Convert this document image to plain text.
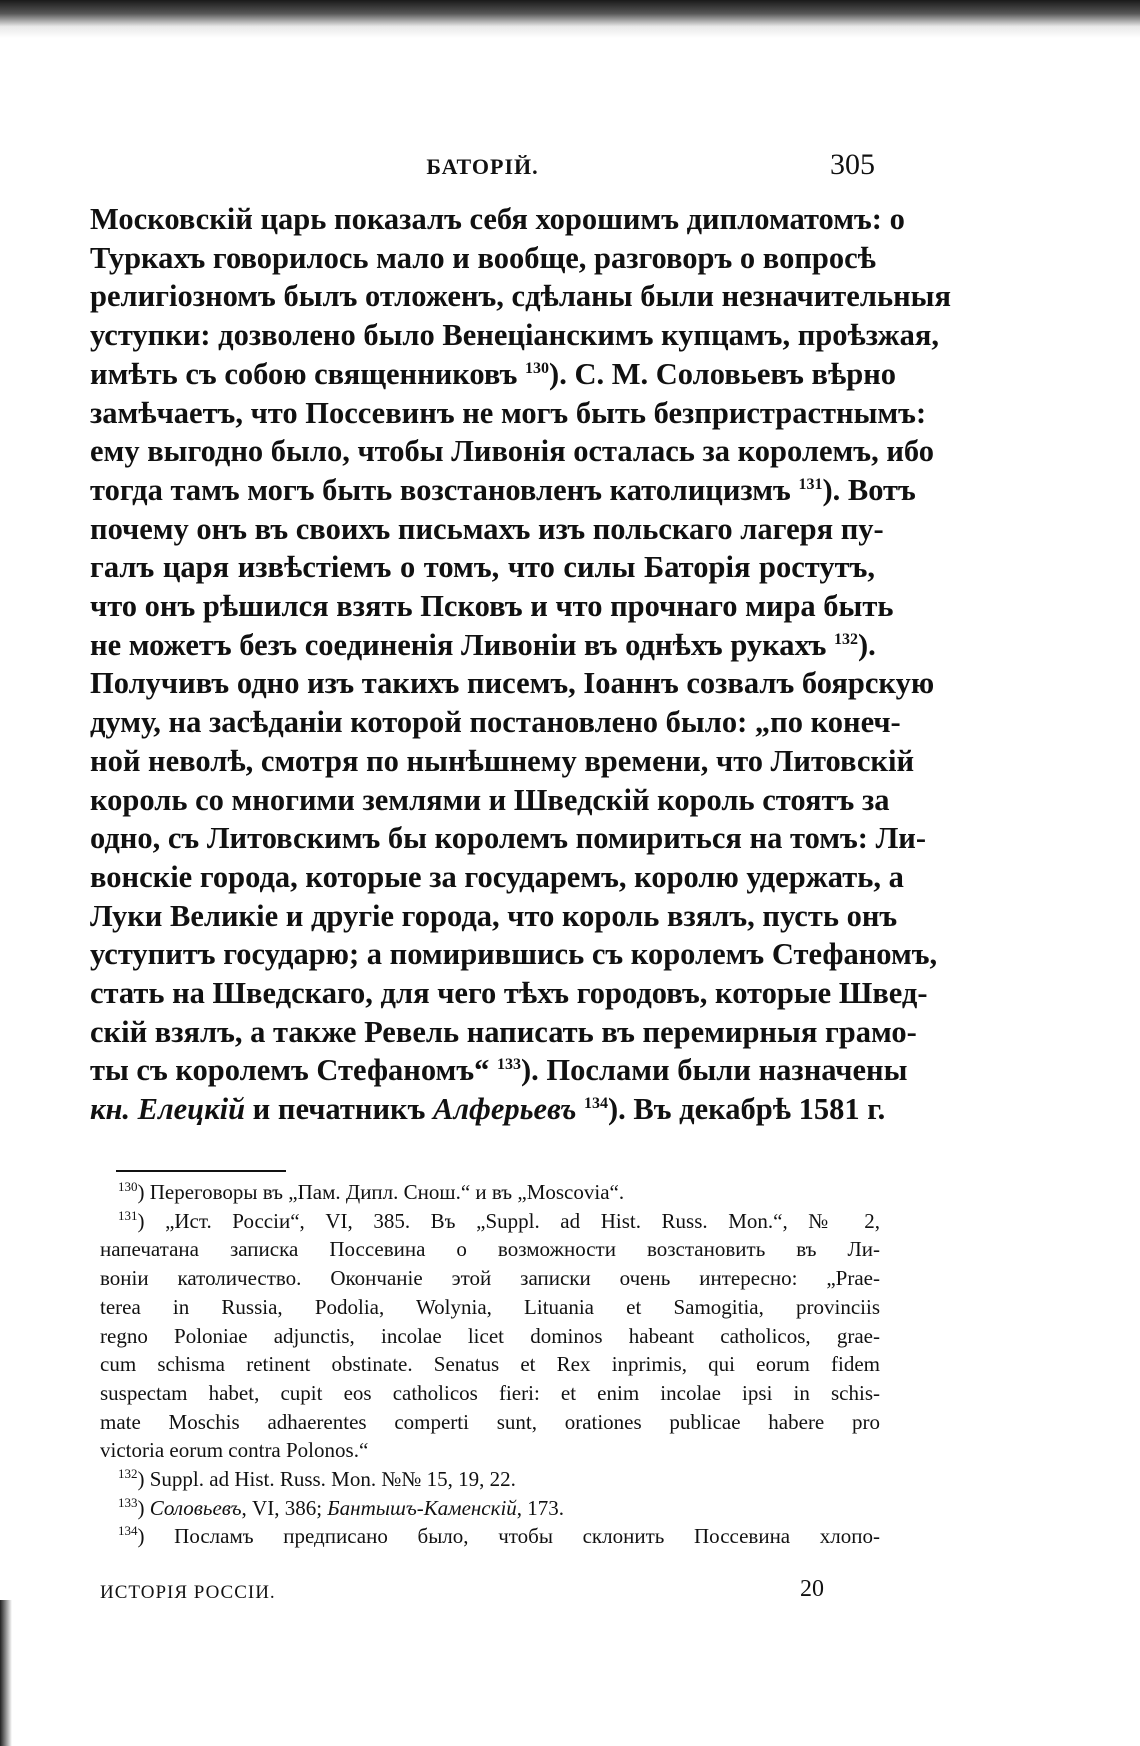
БАТОРІЙ.	305
Московскій царь показалъ себя хорошимъ дипломатомъ: о
Туркахъ говорилось мало и вообще, разговоръ о вопросѣ
религіозномъ былъ отложенъ, сдѣланы были незначительныя
уступки: дозволено было Венеціанскимъ купцамъ, проѣзжая,
имѣть съ собою священниковъ $^{130}$). С. М. Соловьевъ вѣрно
замѣчаетъ, что Поссевинъ не могъ быть безпристрастнымъ:
ему выгодно было, чтобы Ливонія осталась за королемъ, ибо
тогда тамъ могъ быть возстановленъ католицизмъ $^{131}$). Вотъ
почему онъ въ своихъ письмахъ изъ польскаго лагеря пу-
галъ царя извѣстіемъ о томъ, что силы Баторія ростутъ,
что онъ рѣшился взять Псковъ и что прочнаго мира быть
не можетъ безъ соединенія Ливоніи въ однѣхъ рукахъ $^{132}$).
Получивъ одно изъ такихъ писемъ, Іоаннъ созвалъ боярскую
думу, на засѣданіи которой постановлено было: „по конеч-
ной неволѣ, смотря по нынѣшнему времени, что Литовскій
король со многими землями и Шведскій король стоятъ за
одно, съ Литовскимъ бы королемъ помириться на томъ: Ли-
вонскіе города, которые за государемъ, королю удержать, а
Луки Великіе и другіе города, что король взялъ, пусть онъ
уступитъ государю; а помирившись съ королемъ Стефаномъ,
стать на Шведскаго, для чего тѣхъ городовъ, которые Швед-
скій взялъ, а также Ревель написать въ перемирныя грамо-
ты съ королемъ Стефаномъ“ $^{133}$). Послами были назначены
кн. Елецкій и печатникъ Алферьевъ $^{134}$). Въ декабрѣ 1581 г.
$^{130}$) Переговоры въ „Пам. Дипл. Снош.“ и въ „Moscovia“.
$^{131}$) „Ист. Россіи“, VI, 385. Въ „Suppl. ad Hist. Russ. Mon.“, № 2,
напечатана записка Поссевина о возможности возстановить въ Ли-
воніи католичество. Окончаніе этой записки очень интересно: „Prae-
terea in Russia, Podolia, Wolynia, Lituania et Samogitia, provinciis
regno Poloniae adjunctis, incolae licet dominos habeant catholicos, grae-
cum schisma retinent obstinate. Senatus et Rex inprimis, qui eorum fidem
suspectam habet, cupit eos catholicos fieri: et enim incolae ipsi in schis-
mate Moschis adhaerentes comperti sunt, orationes publicae habere pro
victoria eorum contra Polonos.“
$^{132}$) Suppl. ad Hist. Russ. Mon. №№ 15, 19, 22.
$^{133}$) Соловьевъ, VI, 386; Бантышъ-Каменскій, 173.
$^{134}$) Посламъ предписано было, чтобы склонить Поссевина хлопо-
ИСТОРІЯ РОССІИ.	20
